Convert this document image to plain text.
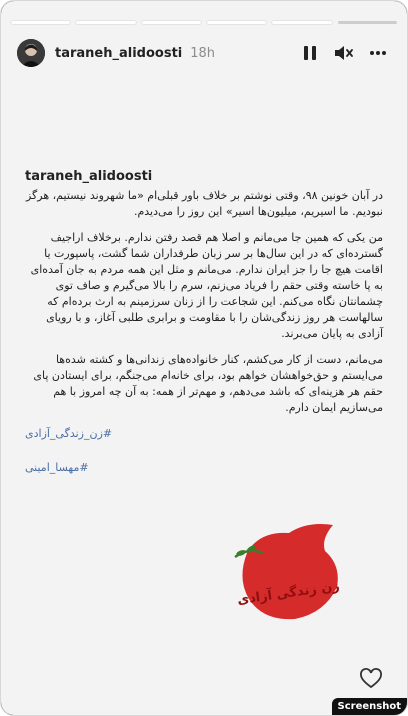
taraneh_alidoosti 18h
taraneh_alidoosti

در آبان خونین ۹۸، وقتی نوشتم بر خلاف باور قبلی‌ام «ما شهروند نیستیم، هرگز نبودیم. ما اسیریم، میلیون‌ها اسیر» این روز را می‌دیدم.

من یکی که همین جا می‌مانم و اصلا هم قصد رفتن ندارم. برخلاف اراجیف گسترده‌ای که در این سال‌ها بر سر زبان طرفداران شما گشت، پاسپورت یا اقامت هیچ جا را جز ایران ندارم. می‌مانم و مثل این همه مردم به جان آمده‌ای به پا خاسته وقتی حقم را فریاد می‌زنم، سرم را بالا می‌گیرم و صاف توی چشمانتان نگاه می‌کنم. این شجاعت را از زنان سرزمینم به ارث برده‌ام که سالهاست هر روز زندگی‌شان را با مقاومت و برابری طلبی آغاز، و با رویای آزادی به پایان می‌برند.

می‌مانم، دست از کار می‌کشم، کنار خانواده‌های زندانی‌ها و کشته شده‌ها می‌ایستم و حق‌خواهشان خواهم بود، برای خانه‌ام می‌جنگم، برای ایستادن پای حقم هر هزینه‌ای که باشد می‌دهم، و مهم‌تر از همه: به آن چه امروز با هم می‌سازیم ایمان دارم.

#زن_زندگی_آزادی
#مهسا_امینی
زن زندگی آزادی
Screenshot
